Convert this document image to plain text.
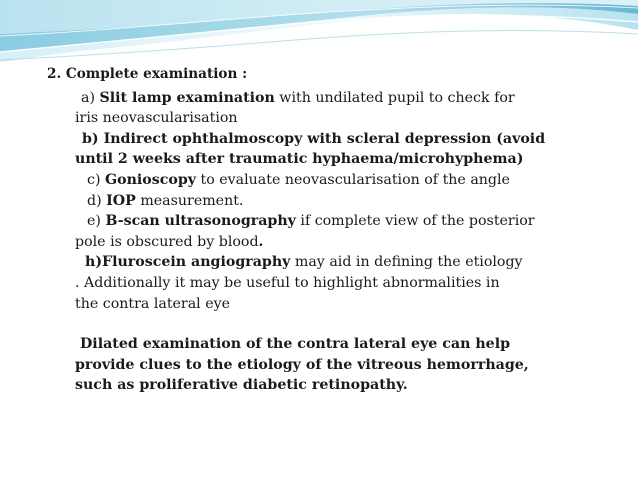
2. Complete examination :
a) Slit lamp examination with undilated pupil to check for
iris neovascularisation
b) Indirect ophthalmoscopy with scleral depression (avoid
until 2 weeks after traumatic hyphaema/microhyphema)
c) Gonioscopy to evaluate neovascularisation of the angle
d) IOP measurement.
e) B-scan ultrasonography if complete view of the posterior
pole is obscured by blood.
h)Fluroscein angiography may aid in defining the etiology
. Additionally it may be useful to highlight abnormalities in
the contra lateral eye
Dilated examination of the contra lateral eye can help
provide clues to the etiology of the vitreous hemorrhage,
such as proliferative diabetic retinopathy.
